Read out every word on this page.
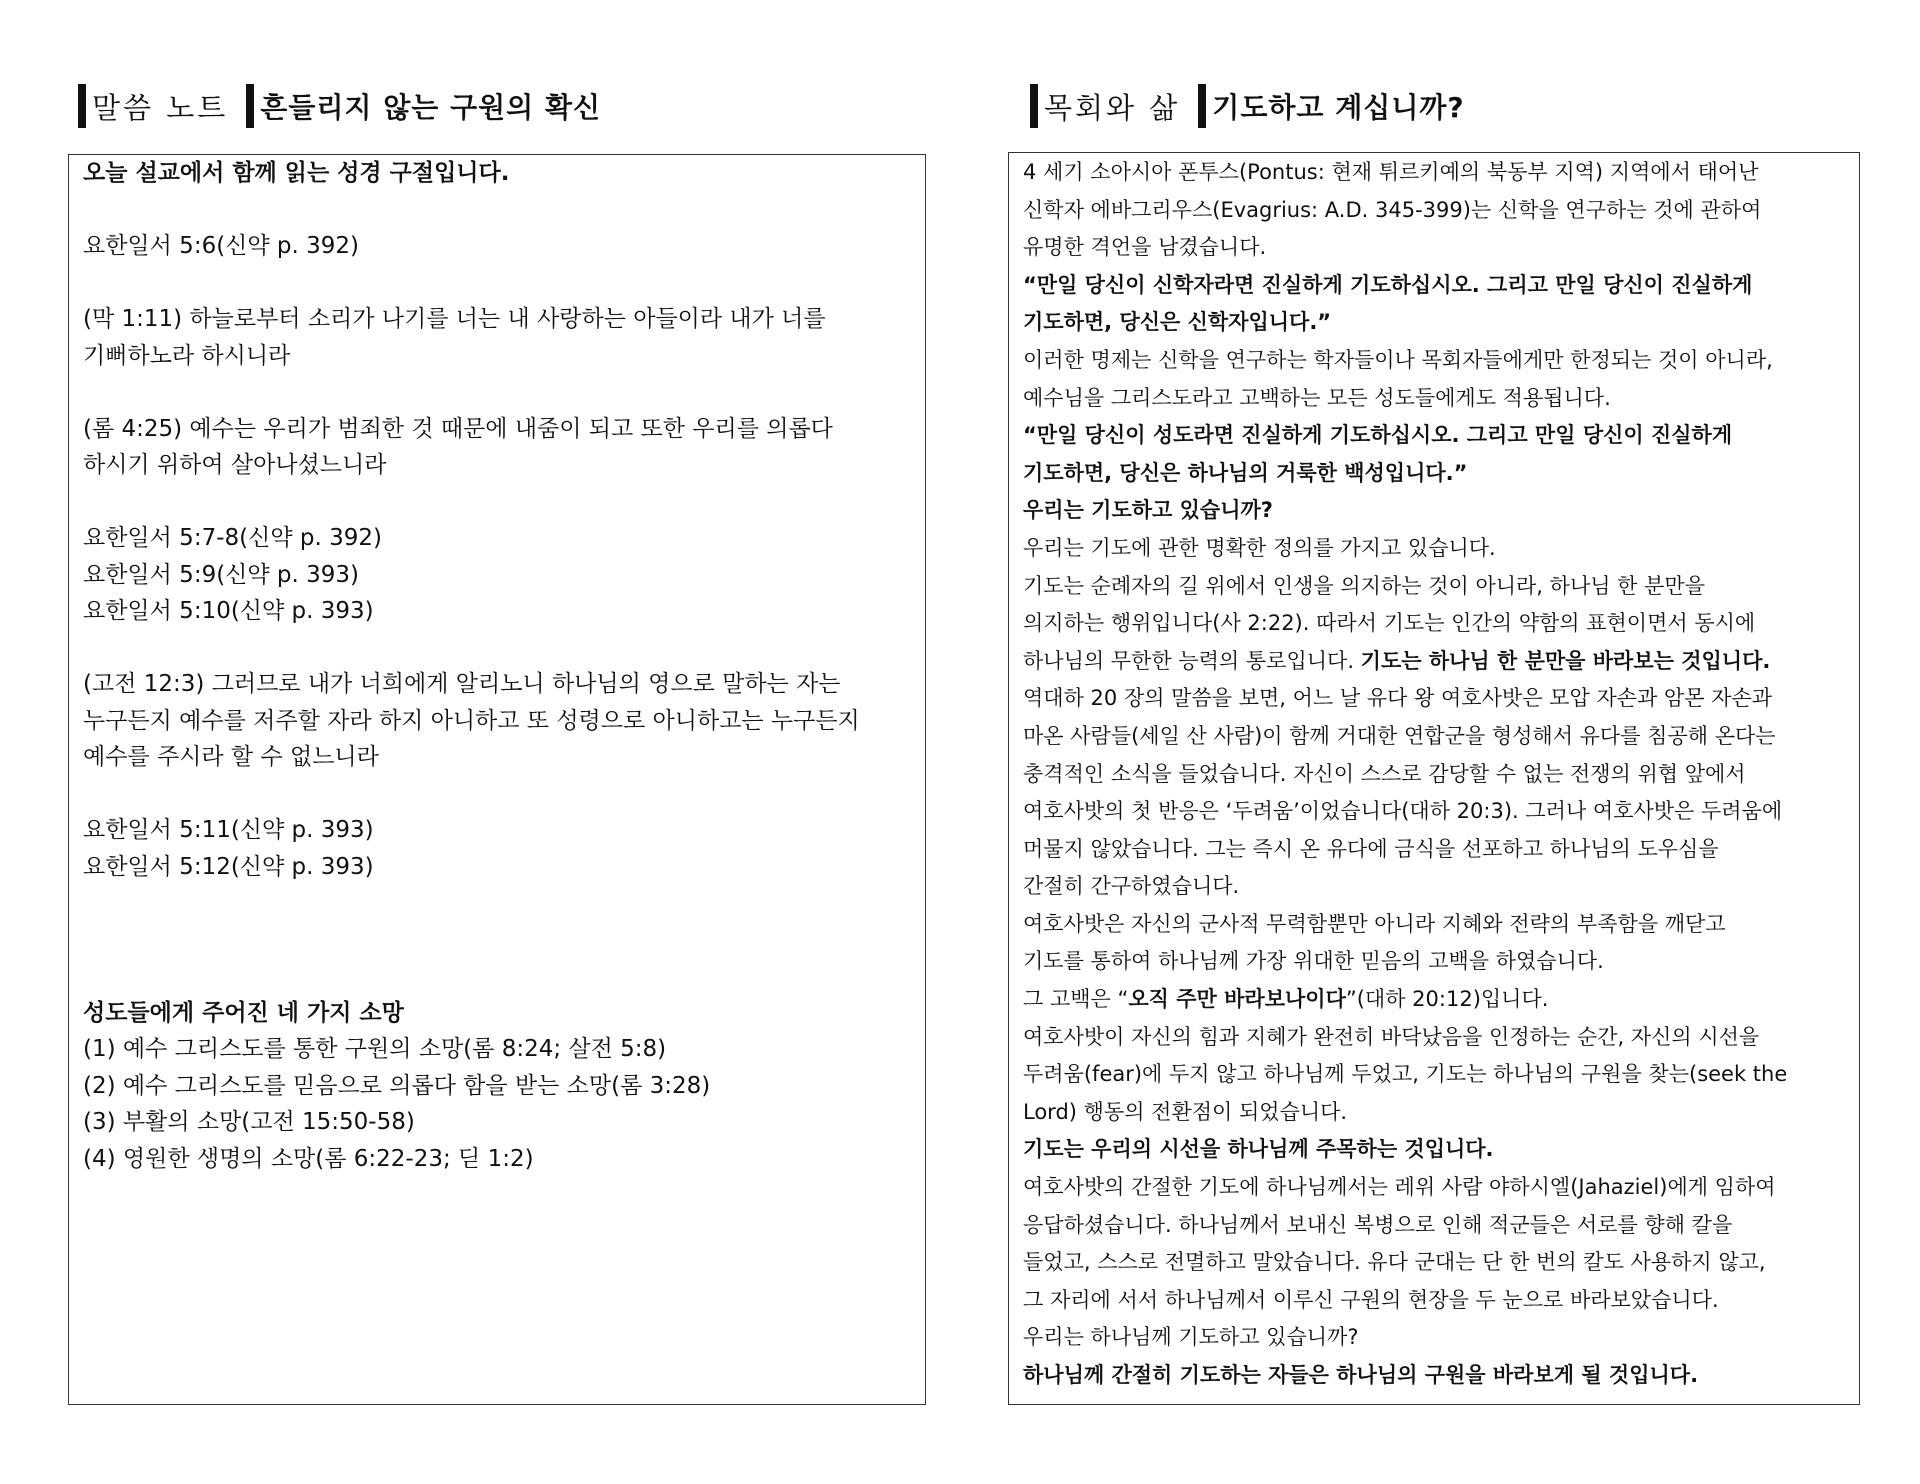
말씀 노트 흔들리지 않는 구원의 확신	목회와 삶 기도하고 계십니까?

오늘 설교에서 함께 읽는 성경 구절입니다.

요한일서 5:6(신약 p. 392)

(막 1:11) 하늘로부터 소리가 나기를 너는 내 사랑하는 아들이라 내가 너를

기뻐하노라 하시니라

(롬 4:25) 예수는 우리가 범죄한 것 때문에 내줌이 되고 또한 우리를 의롭다

하시기 위하여 살아나셨느니라

요한일서 5:7-8(신약 p. 392)

요한일서 5:9(신약 p. 393)

요한일서 5:10(신약 p. 393)

(고전 12:3) 그러므로 내가 너희에게 알리노니 하나님의 영으로 말하는 자는

누구든지 예수를 저주할 자라 하지 아니하고 또 성령으로 아니하고는 누구든지

예수를 주시라 할 수 없느니라

요한일서 5:11(신약 p. 393)

요한일서 5:12(신약 p. 393)

성도들에게 주어진 네 가지 소망

(1) 예수 그리스도를 통한 구원의 소망(롬 8:24; 살전 5:8)

(2) 예수 그리스도를 믿음으로 의롭다 함을 받는 소망(롬 3:28)

(3) 부활의 소망(고전 15:50-58)

(4) 영원한 생명의 소망(롬 6:22-23; 딛 1:2)

4 세기 소아시아 폰투스(Pontus: 현재 튀르키예의 북동부 지역) 지역에서 태어난

신학자 에바그리우스(Evagrius: A.D. 345-399)는 신학을 연구하는 것에 관하여

유명한 격언을 남겼습니다.

“만일 당신이 신학자라면 진실하게 기도하십시오. 그리고 만일 당신이 진실하게

기도하면, 당신은 신학자입니다.”

이러한 명제는 신학을 연구하는 학자들이나 목회자들에게만 한정되는 것이 아니라,

예수님을 그리스도라고 고백하는 모든 성도들에게도 적용됩니다.

“만일 당신이 성도라면 진실하게 기도하십시오. 그리고 만일 당신이 진실하게

기도하면, 당신은 하나님의 거룩한 백성입니다.”

우리는 기도하고 있습니까?

우리는 기도에 관한 명확한 정의를 가지고 있습니다.

기도는 순례자의 길 위에서 인생을 의지하는 것이 아니라, 하나님 한 분만을

의지하는 행위입니다(사 2:22). 따라서 기도는 인간의 약함의 표현이면서 동시에

하나님의 무한한 능력의 통로입니다. 기도는 하나님 한 분만을 바라보는 것입니다.

역대하 20 장의 말씀을 보면, 어느 날 유다 왕 여호사밧은 모압 자손과 암몬 자손과

마온 사람들(세일 산 사람)이 함께 거대한 연합군을 형성해서 유다를 침공해 온다는

충격적인 소식을 들었습니다. 자신이 스스로 감당할 수 없는 전쟁의 위협 앞에서

여호사밧의 첫 반응은 ‘두려움’이었습니다(대하 20:3). 그러나 여호사밧은 두려움에

머물지 않았습니다. 그는 즉시 온 유다에 금식을 선포하고 하나님의 도우심을

간절히 간구하였습니다.

여호사밧은 자신의 군사적 무력함뿐만 아니라 지혜와 전략의 부족함을 깨닫고

기도를 통하여 하나님께 가장 위대한 믿음의 고백을 하였습니다.

그 고백은 “오직 주만 바라보나이다”(대하 20:12)입니다.

여호사밧이 자신의 힘과 지혜가 완전히 바닥났음을 인정하는 순간, 자신의 시선을

두려움(fear)에 두지 않고 하나님께 두었고, 기도는 하나님의 구원을 찾는(seek the

Lord) 행동의 전환점이 되었습니다.

기도는 우리의 시선을 하나님께 주목하는 것입니다.

여호사밧의 간절한 기도에 하나님께서는 레위 사람 야하시엘(Jahaziel)에게 임하여

응답하셨습니다. 하나님께서 보내신 복병으로 인해 적군들은 서로를 향해 칼을

들었고, 스스로 전멸하고 말았습니다. 유다 군대는 단 한 번의 칼도 사용하지 않고,

그 자리에 서서 하나님께서 이루신 구원의 현장을 두 눈으로 바라보았습니다.

우리는 하나님께 기도하고 있습니까?

하나님께 간절히 기도하는 자들은 하나님의 구원을 바라보게 될 것입니다.
